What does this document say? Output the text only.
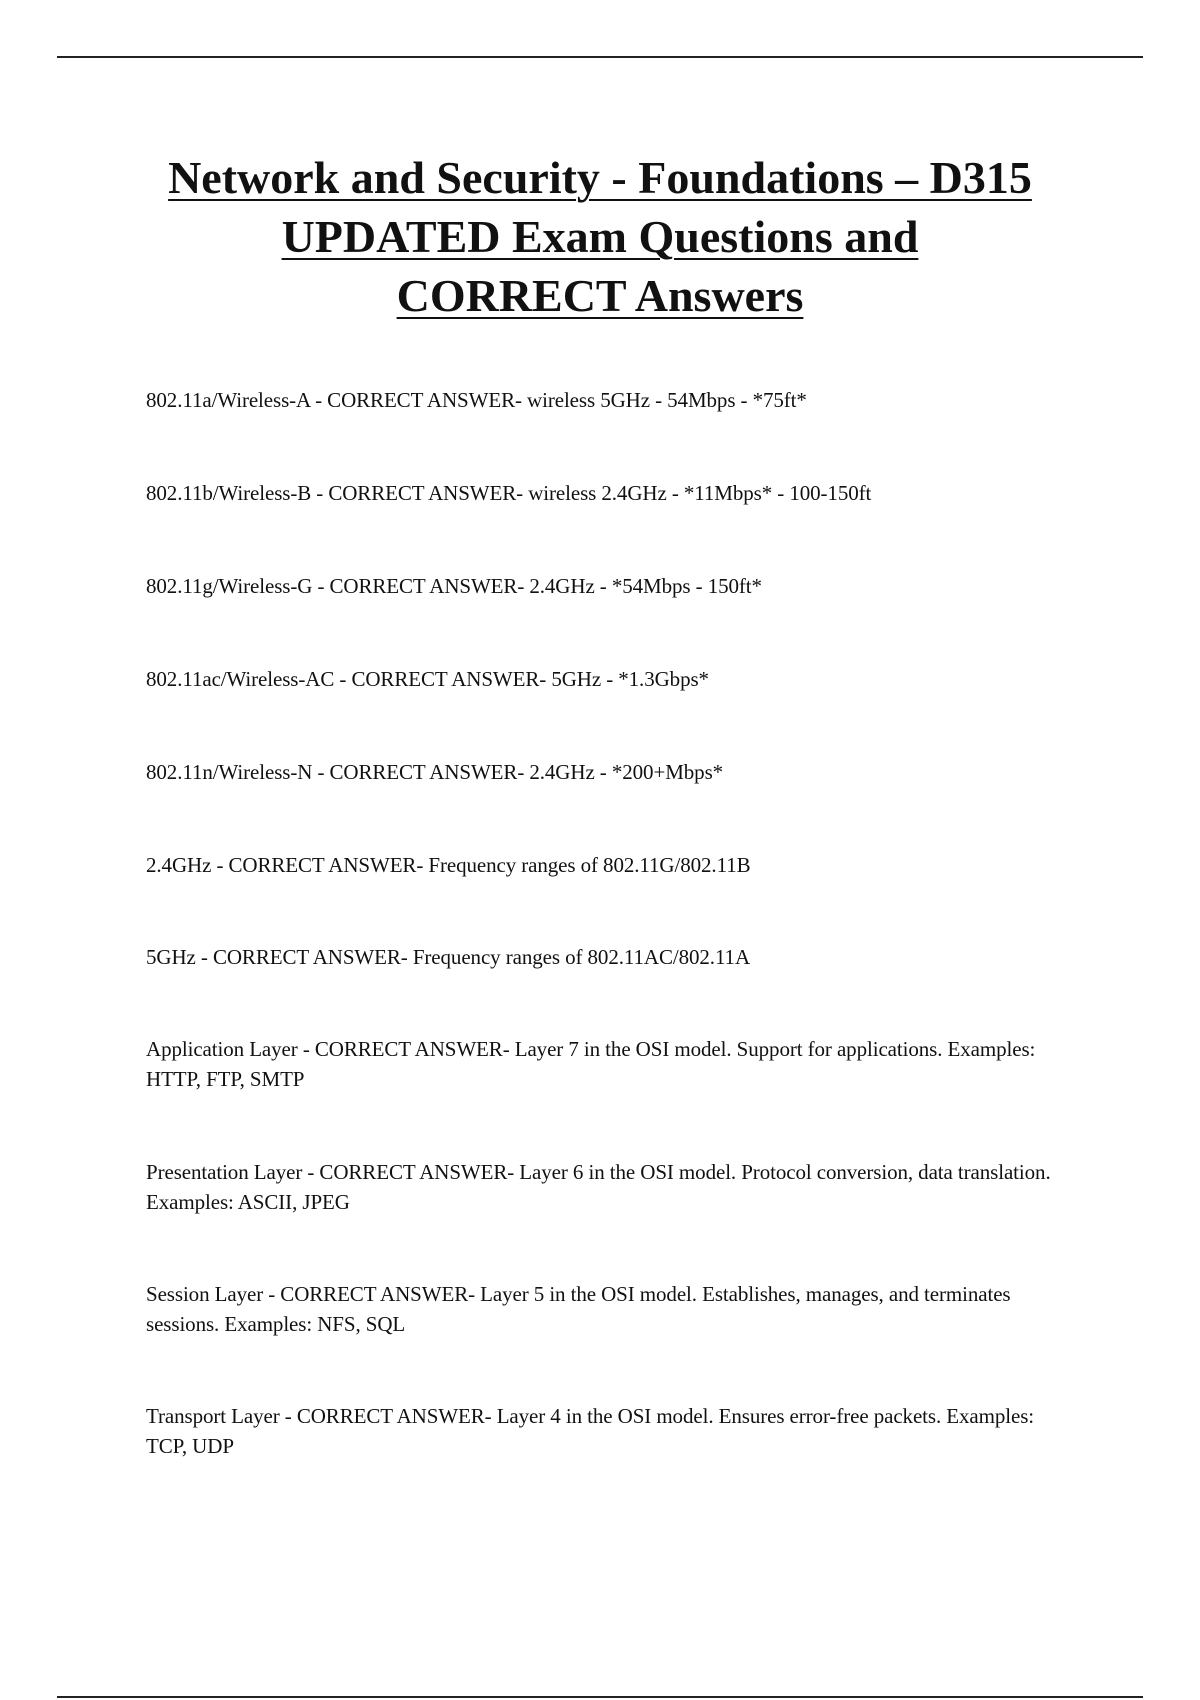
Network and Security - Foundations – D315
UPDATED Exam Questions and
CORRECT Answers

802.11a/Wireless-A - CORRECT ANSWER- wireless 5GHz - 54Mbps - *75ft*

802.11b/Wireless-B - CORRECT ANSWER- wireless 2.4GHz - *11Mbps* - 100-150ft

802.11g/Wireless-G - CORRECT ANSWER- 2.4GHz - *54Mbps - 150ft*

802.11ac/Wireless-AC - CORRECT ANSWER- 5GHz - *1.3Gbps*

802.11n/Wireless-N - CORRECT ANSWER- 2.4GHz - *200+Mbps*

2.4GHz - CORRECT ANSWER- Frequency ranges of 802.11G/802.11B

5GHz - CORRECT ANSWER- Frequency ranges of 802.11AC/802.11A

Application Layer - CORRECT ANSWER- Layer 7 in the OSI model. Support for applications. Examples: HTTP, FTP, SMTP

Presentation Layer - CORRECT ANSWER- Layer 6 in the OSI model. Protocol conversion, data translation. Examples: ASCII, JPEG

Session Layer - CORRECT ANSWER- Layer 5 in the OSI model. Establishes, manages, and terminates sessions. Examples: NFS, SQL

Transport Layer - CORRECT ANSWER- Layer 4 in the OSI model. Ensures error-free packets. Examples: TCP, UDP
